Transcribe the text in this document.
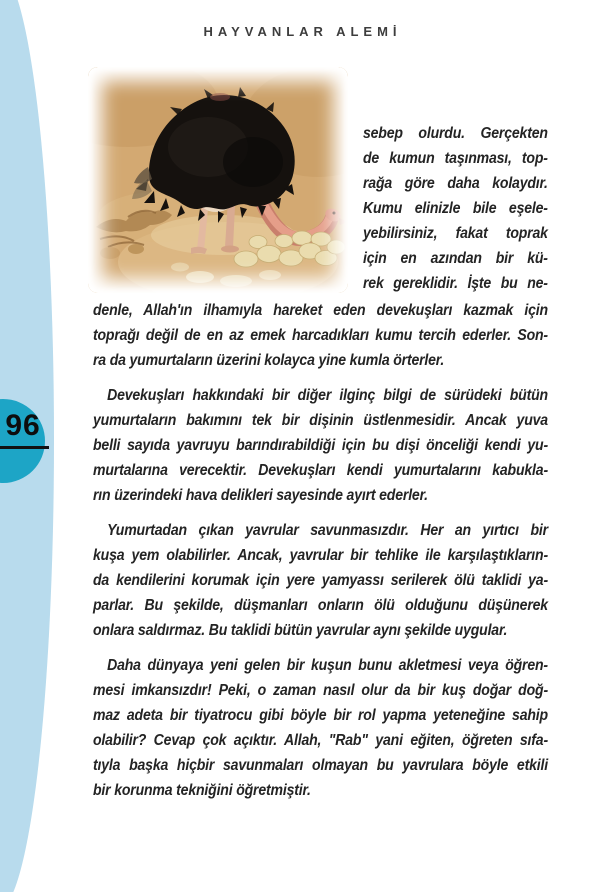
96
HAYVANLAR ALEMİ
sebep olurdu. Gerçekten
de kumun taşınması, top-
rağa göre daha kolaydır.
Kumu elinizle bile eşele-
yebilirsiniz, fakat toprak
için en azından bir kü-
rek gereklidir. İşte bu ne-
denle, Allah'ın ilhamıyla hareket eden devekuşları kazmak için
toprağı değil de en az emek harcadıkları kumu tercih ederler. Son-
ra da yumurtaların üzerini kolayca yine kumla örterler.
Devekuşları hakkındaki bir diğer ilginç bilgi de sürüdeki bütün
yumurtaların bakımını tek bir dişinin üstlenmesidir. Ancak yuva
belli sayıda yavruyu barındırabildiği için bu dişi önceliği kendi yu-
murtalarına verecektir. Devekuşları kendi yumurtalarını kabukla-
rın üzerindeki hava delikleri sayesinde ayırt ederler.
Yumurtadan çıkan yavrular savunmasızdır. Her an yırtıcı bir
kuşa yem olabilirler. Ancak, yavrular bir tehlike ile karşılaştıkların-
da kendilerini korumak için yere yamyassı serilerek ölü taklidi ya-
parlar. Bu şekilde, düşmanları onların ölü olduğunu düşünerek
onlara saldırmaz. Bu taklidi bütün yavrular aynı şekilde uygular.
Daha dünyaya yeni gelen bir kuşun bunu akletmesi veya öğren-
mesi imkansızdır! Peki, o zaman nasıl olur da bir kuş doğar doğ-
maz adeta bir tiyatrocu gibi böyle bir rol yapma yeteneğine sahip
olabilir? Cevap çok açıktır. Allah, "Rab" yani eğiten, öğreten sıfa-
tıyla başka hiçbir savunmaları olmayan bu yavrulara böyle etkili
bir korunma tekniğini öğretmiştir.
